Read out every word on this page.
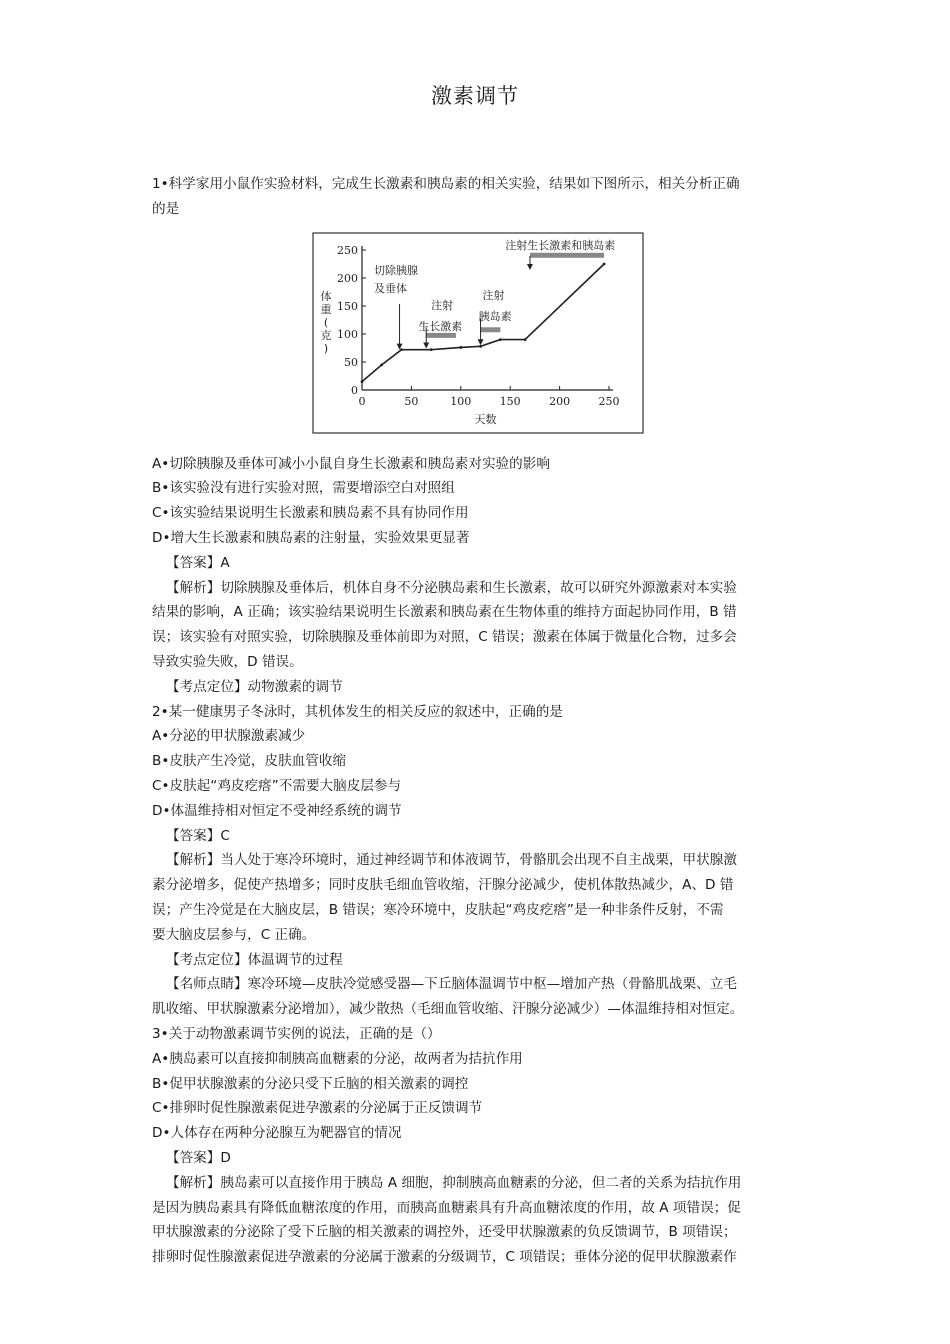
激素调节
1•科学家用小鼠作实验材料，完成生长激素和胰岛素的相关实验，结果如下图所示，相关分析正确
的是
0
50
100
150
200
250
0	50	100	150	200	250
切除胰腺
及垂体
注射
生长激素
注射
胰岛素
注射生长激素和胰岛素
体重(克)
天数
A•切除胰腺及垂体可减小小鼠自身生长激素和胰岛素对实验的影响
B•该实验没有进行实验对照，需要增添空白对照组
C•该实验结果说明生长激素和胰岛素不具有协同作用
D•增大生长激素和胰岛素的注射量，实验效果更显著
【答案】A
【解析】切除胰腺及垂体后，机体自身不分泌胰岛素和生长激素，故可以研究外源激素对本实验
结果的影响，A 正确；该实验结果说明生长激素和胰岛素在生物体重的维持方面起协同作用，B 错
误；该实验有对照实验，切除胰腺及垂体前即为对照，C 错误；激素在体属于微量化合物，过多会
导致实验失败，D 错误。
【考点定位】动物激素的调节
2•某一健康男子冬泳时，其机体发生的相关反应的叙述中，正确的是
A•分泌的甲状腺激素减少
B•皮肤产生冷觉，皮肤血管收缩
C•皮肤起“鸡皮疙瘩”不需要大脑皮层参与
D•体温维持相对恒定不受神经系统的调节
【答案】C
【解析】当人处于寒冷环境时，通过神经调节和体液调节，骨骼肌会出现不自主战栗，甲状腺激
素分泌增多，促使产热增多；同时皮肤毛细血管收缩，汗腺分泌减少，使机体散热减少，A、D 错
误；产生冷觉是在大脑皮层，B 错误；寒冷环境中，皮肤起“鸡皮疙瘩”是一种非条件反射，不需
要大脑皮层参与，C 正确。
【考点定位】体温调节的过程
【名师点睛】寒冷环境—皮肤冷觉感受器—下丘脑体温调节中枢—增加产热（骨骼肌战栗、立毛
肌收缩、甲状腺激素分泌增加），减少散热（毛细血管收缩、汗腺分泌减少）—体温维持相对恒定。
3•关于动物激素调节实例的说法，正确的是（）
A•胰岛素可以直接抑制胰高血糖素的分泌，故两者为拮抗作用
B•促甲状腺激素的分泌只受下丘脑的相关激素的调控
C•排卵时促性腺激素促进孕激素的分泌属于正反馈调节
D•人体存在两种分泌腺互为靶器官的情况
【答案】D
【解析】胰岛素可以直接作用于胰岛 A 细胞，抑制胰高血糖素的分泌，但二者的关系为拮抗作用
是因为胰岛素具有降低血糖浓度的作用，而胰高血糖素具有升高血糖浓度的作用，故 A 项错误；促
甲状腺激素的分泌除了受下丘脑的相关激素的调控外，还受甲状腺激素的负反馈调节，B 项错误；
排卵时促性腺激素促进孕激素的分泌属于激素的分级调节，C 项错误；垂体分泌的促甲状腺激素作
